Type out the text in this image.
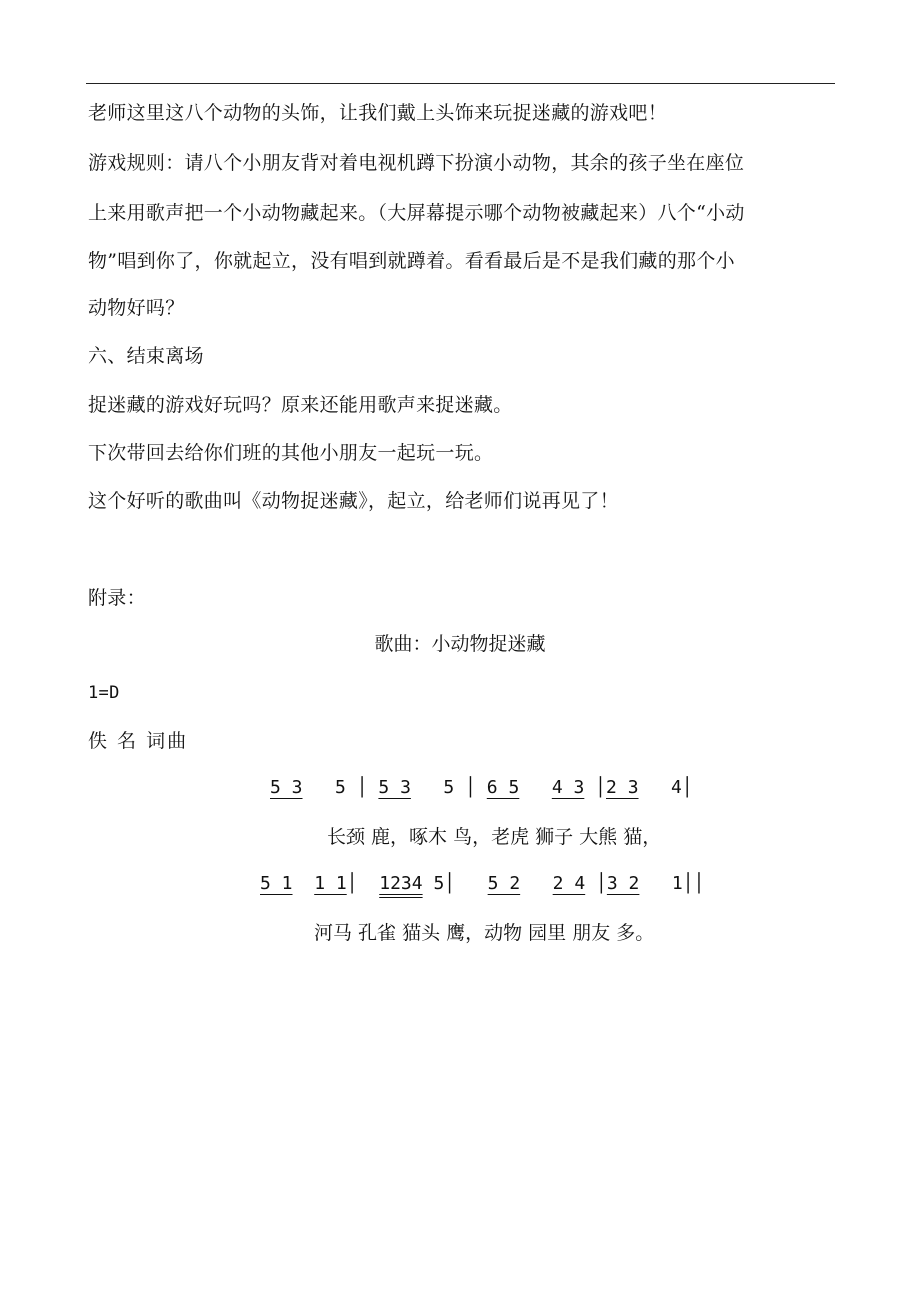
老师这里这八个动物的头饰，让我们戴上头饰来玩捉迷藏的游戏吧！
游戏规则：请八个小朋友背对着电视机蹲下扮演小动物，其余的孩子坐在座位
上来用歌声把一个小动物藏起来。（大屏幕提示哪个动物被藏起来）八个“小动
物”唱到你了，你就起立，没有唱到就蹲着。看看最后是不是我们藏的那个小
动物好吗？
六、结束离场
捉迷藏的游戏好玩吗？原来还能用歌声来捉迷藏。
下次带回去给你们班的其他小朋友一起玩一玩。
这个好听的歌曲叫《动物捉迷藏》，起立，给老师们说再见了！
附录：
歌曲：小动物捉迷藏
1=D
佚 名 词曲
5 3 5 │ 5 3 5 │ 6 5 4 3 │2 3 4│
长颈 鹿，啄木 鸟，老虎 狮子 大熊 猫，
5 1 1 1│  1234 5│   5 2 2 4 │3 2 1││
河马 孔雀 猫头 鹰，动物 园里 朋友 多。
